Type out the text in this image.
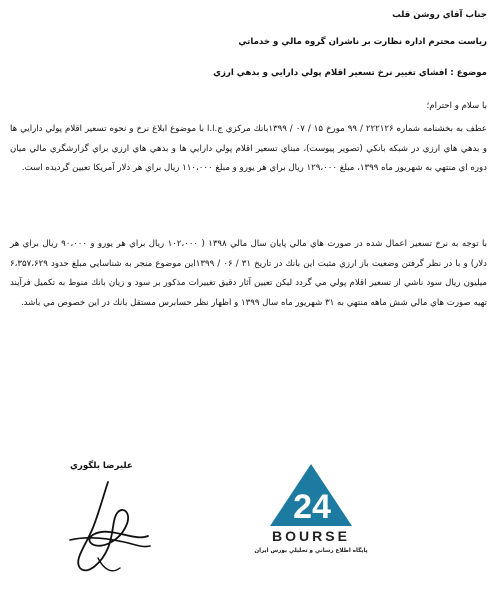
جناب آقاي روشن قلب
رياست محترم اداره نظارت بر ناشران گروه مالي و خدماتي
موضوع : افشاي تغيير نرخ تسعير اقلام پولي دارايي و بدهي ارزي
با سلام و احترام؛
عطف به بخشنامه شماره ۲۲۲۱۲۶ / ۹۹ مورخ ۱۵ / ۰۷ / ۱۳۹۹بانك مركزي ج.ا.ا با موضوع ابلاغ نرخ و نحوه تسعير اقلام پولي دارايي ها و بدهي هاي ارزي در شبكه بانكي (تصوير پيوست)، مبناي تسعير اقلام پولي دارايي ها و بدهي هاي ارزي براي گزارشگري مالي ميان دوره اي منتهي به شهريور ماه ۱۳۹۹، مبلغ ۱۲۹،۰۰۰ ريال براي هر يورو و مبلغ ۱۱۰،۰۰۰ ريال براي هر دلار آمريكا تعيين گرديده است.
با توجه به نرخ تسعير اعمال شده در صورت هاي مالي پايان سال مالي ۱۳۹۸ ( ۱۰۲،۰۰۰ ريال براي هر يورو و ۹۰،۰۰۰ ريال براي هر دلار) و با در نظر گرفتن وضعيت باز ارزي مثبت اين بانك در تاريخ ۳۱ / ۰۶ / ۱۳۹۹اين موضوع منجر به شناسايي مبلغ حدود ۶،۳۵۷،۶۲۹ ميليون ريال سود ناشي از تسعير اقلام پولي مي گردد ليكن تعيين آثار دقيق تغييرات مذكور بر سود و زيان بانك منوط به تكميل فرآيند تهيه صورت هاي مالي شش ماهه منتهي به ۳۱ شهريور ماه سال ۱۳۹۹ و اظهار نظر حسابرس مستقل بانك در اين خصوص مي باشد.
عليرضا بلگوري
24
BOURSE
پايگاه اطلاع رساني و تحليلي بورس ايران
